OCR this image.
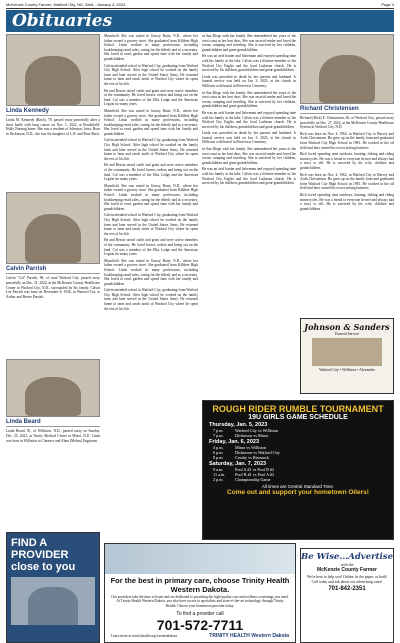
McKenzie County Farmer, Watford City, ND, Wed., January 4, 2023	Page 4
Obituaries
Linda Kennedy
Linda M. Kennedy (Bach), 78, passed away peacefully after a short battle with lung cancer on Nov. 1, 2022, at Brookfield-Holly Nursing home. She was a resident of Johnston, Iowa. Born in Dickinson, N.D., she was the daughter of L.H. and Rose Bach.
Calvin Parrish
Calvin "Cal" Parrish, 96, of rural Watford City, passed away peacefully on Dec. 31, 2022, at the McKenzie County Healthcare Center in Watford City, N.D., surrounded by his family. Calvin Lee Parrish was born on December 8, 1926, in Watford City to Arthur and Bessie Parrish.
Linda Beard
Linda Beard, 81, of Williston, N.D., passed away on Sunday, Dec. 25, 2022, at Trinity Medical Center in Minot, N.D. Linda was born in Williston to Clarence and Alma (Mehus) Engstrom.
Mansfield. She was raised in Grassy Butte, N.D., where her father owned a grocery store. She graduated from Killdeer High School. Linda worked in many professions, including bookkeeping retail sales, caring for the elderly and as a secretary. She loved to read, garden and spend time with her family and grandchildren.
Calvin attended school in Watford City, graduating from Watford City High School. After high school he worked on the family farm and later served in the United States Army. He returned home to farm and ranch north of Watford City where he spent the rest of his life.
He and Bessie raised cattle and grain and were active members of the community. He loved horses, rodeos and being out on the land. Cal was a member of the Elks Lodge and the American Legion for many years.
Mansfield. She was raised in Grassy Butte, N.D., where her father owned a grocery store. She graduated from Killdeer High School. Linda worked in many professions, including bookkeeping retail sales, caring for the elderly and as a secretary. She loved to read, garden and spend time with her family and grandchildren.
Calvin attended school in Watford City, graduating from Watford City High School. After high school he worked on the family farm and later served in the United States Army. He returned home to farm and ranch north of Watford City where he spent the rest of his life.
He and Bessie raised cattle and grain and were active members of the community. He loved horses, rodeos and being out on the land. Cal was a member of the Elks Lodge and the American Legion for many years.
Mansfield. She was raised in Grassy Butte, N.D., where her father owned a grocery store. She graduated from Killdeer High School. Linda worked in many professions, including bookkeeping retail sales, caring for the elderly and as a secretary. She loved to read, garden and spend time with her family and grandchildren.
Calvin attended school in Watford City, graduating from Watford City High School. After high school he worked on the family farm and later served in the United States Army. He returned home to farm and ranch north of Watford City where he spent the rest of his life.
He and Bessie raised cattle and grain and were active members of the community. He loved horses, rodeos and being out on the land. Cal was a member of the Elks Lodge and the American Legion for many years.
Mansfield. She was raised in Grassy Butte, N.D., where her father owned a grocery store. She graduated from Killdeer High School. Linda worked in many professions, including bookkeeping retail sales, caring for the elderly and as a secretary. She loved to read, garden and spend time with her family and grandchildren.
Calvin attended school in Watford City, graduating from Watford City High School. After high school he worked on the family farm and later served in the United States Army. He returned home to farm and ranch north of Watford City where he spent the rest of his life.
in San Diego with her family. She remembered her years of the west coast as her best days. She was an avid reader and loved the ocean, camping and traveling. She is survived by her children, grandchildren and great-grandchildren.
He was an avid hunter and fisherman and enjoyed spending time with his family at the lake. Calvin was a lifetime member of the Watford City Eagles and the local Lutheran church. He is survived by his children, grandchildren and great-grandchildren.
Linda was preceded in death by her parents and husband. A funeral service was held on Jan. 3, 2023, at the church in Williston with burial in Riverview Cemetery.
in San Diego with her family. She remembered her years of the west coast as her best days. She was an avid reader and loved the ocean, camping and traveling. She is survived by her children, grandchildren and great-grandchildren.
He was an avid hunter and fisherman and enjoyed spending time with his family at the lake. Calvin was a lifetime member of the Watford City Eagles and the local Lutheran church. He is survived by his children, grandchildren and great-grandchildren.
Linda was preceded in death by her parents and husband. A funeral service was held on Jan. 3, 2023, at the church in Williston with burial in Riverview Cemetery.
in San Diego with her family. She remembered her years of the west coast as her best days. She was an avid reader and loved the ocean, camping and traveling. She is survived by her children, grandchildren and great-grandchildren.
He was an avid hunter and fisherman and enjoyed spending time with his family at the lake. Calvin was a lifetime member of the Watford City Eagles and the local Lutheran church. He is survived by his children, grandchildren and great-grandchildren.
Richard Christensen
Richard (Rich) E. Christensen, 60, of Watford City, passed away peacefully on Dec. 27, 2022, at the McKenzie County Healthcare System in Watford City, N.D.
Rich was born on Nov. 4, 1962, in Watford City to Harvey and Ardis Christensen. He grew up on the family farm and graduated from Watford City High School in 1981. He worked in the oil field and later owned his own trucking business.
Rich loved spending time outdoors, hunting, fishing and riding motorcycles. He was a friend to everyone he met and always had a story to tell. He is survived by his wife, children and grandchildren.
Rich was born on Nov. 4, 1962, in Watford City to Harvey and Ardis Christensen. He grew up on the family farm and graduated from Watford City High School in 1981. He worked in the oil field and later owned his own trucking business.
Rich loved spending time outdoors, hunting, fishing and riding motorcycles. He was a friend to everyone he met and always had a story to tell. He is survived by his wife, children and grandchildren.
FIND A PROVIDER close to you
Johnson & Sanders
Funeral Service
Watford City • Williston • Alexander
ROUGH RIDER RUMBLE TOURNAMENT
19U GIRLS GAME SCHEDULE
Thursday, Jan. 5, 2023
7 p.m.	Watford City vs Williston
7 p.m.	Dickinson vs Minot
Friday, Jan. 6, 2023
4 p.m.	Minot vs Williston
6 p.m.	Dickinson vs Watford City
8 p.m.	Crosby vs Bismarck
Saturday, Jan. 7, 2023
9 a.m.	Pool A #1 vs Pool B #2
11 a.m.	Pool B #1 vs Pool A #2
2 p.m.	Championship Game
All times are Central Standard Time.
Come out and support your hometown Oilers!
For the best in primary care, choose Trinity Health Western Dakota.
Our providers take the time to listen and are dedicated to providing the high-quality care and wellness screenings you need. At Trinity Health Western Dakota, you also have access to specialists and state-of-the-art technology through Trinity Health. Choose your hometown provider today.
To find a provider call
701-572-7711
Learn more at trinityhealth.org/westerndakota	TRINITY HEALTH Western Dakota
Be Wise...Advertise
with the
McKenzie County Farmer
We're here to help you! Online, in the paper, or both! Call today and ask about our advertising rates!
701-842-2351
